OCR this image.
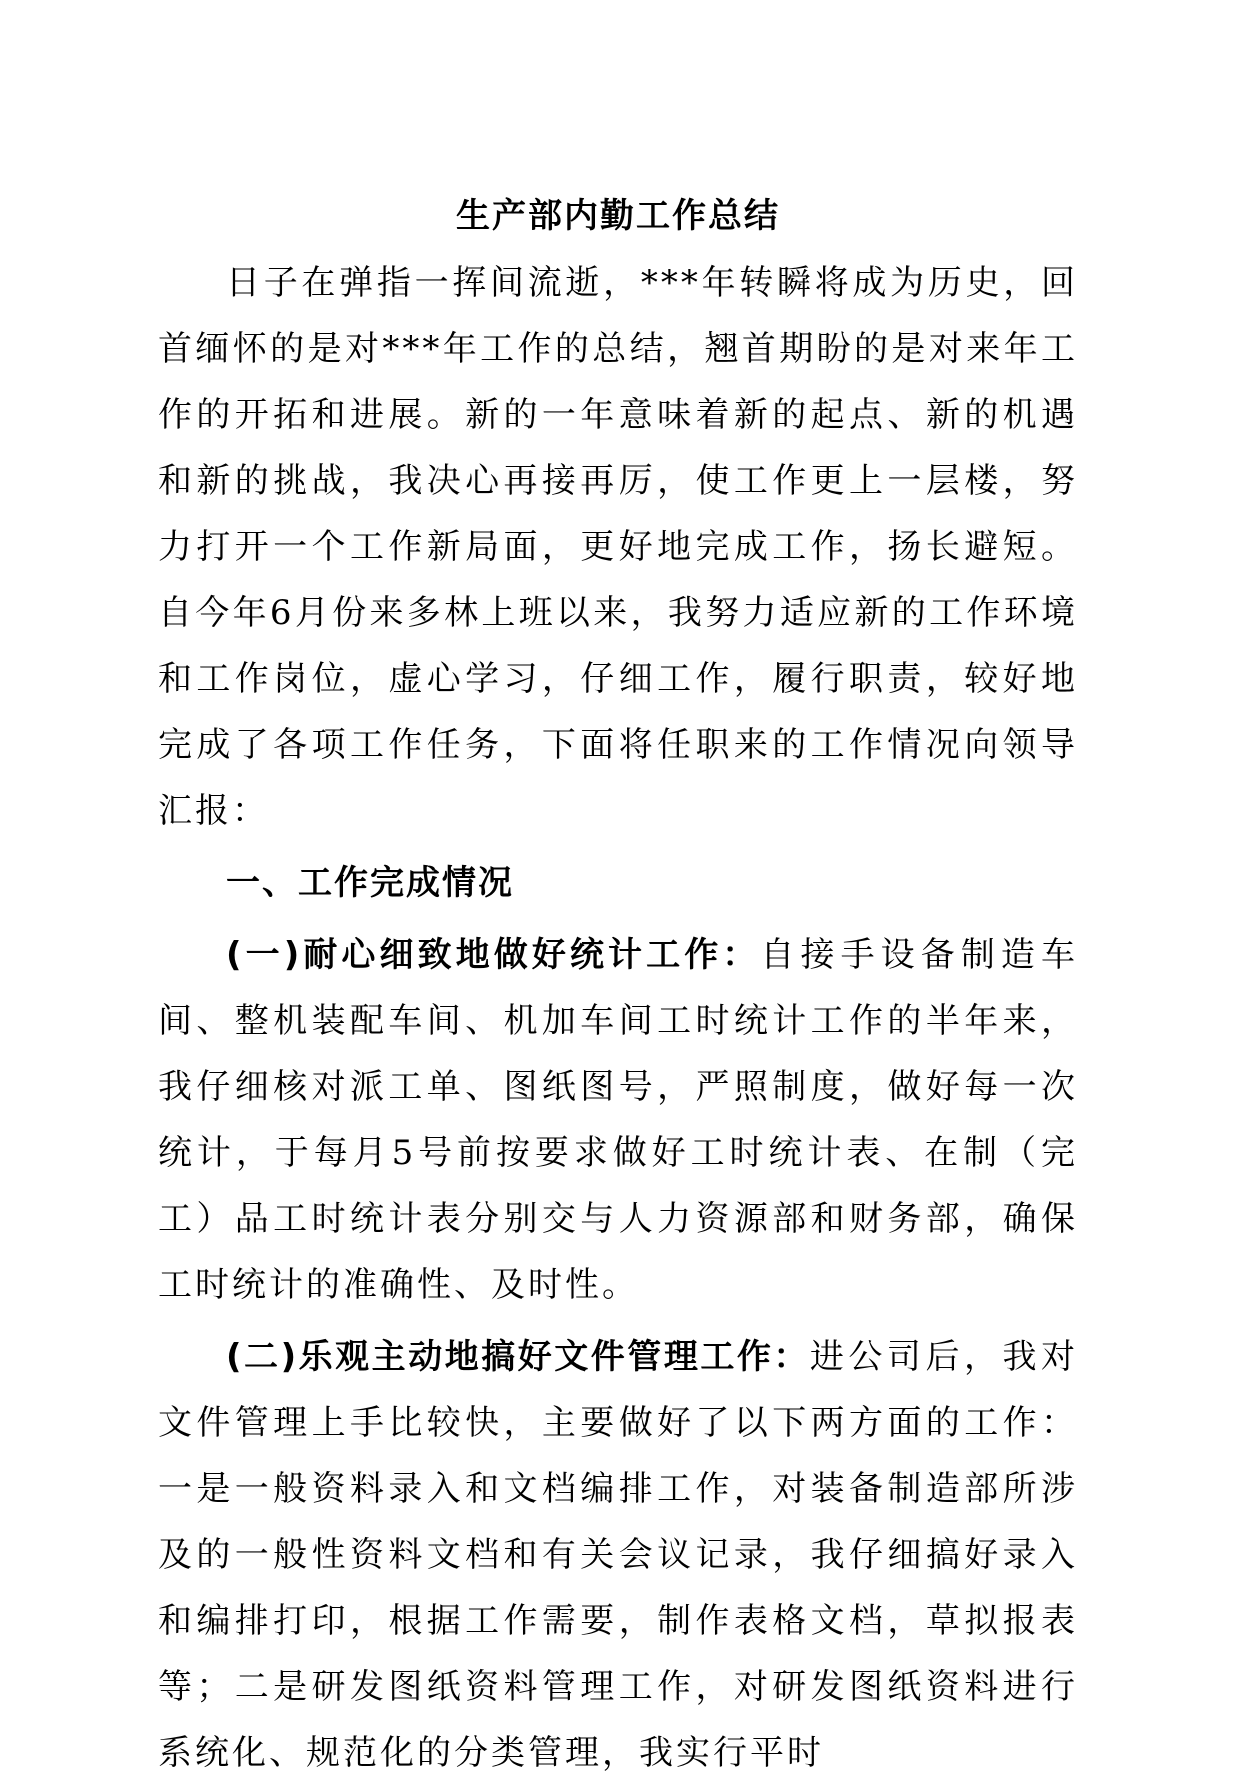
生产部内勤工作总结

日子在弹指一挥间流逝，***年转瞬将成为历史，回首缅怀的是对***年工作的总结，翘首期盼的是对来年工作的开拓和进展。新的一年意味着新的起点、新的机遇和新的挑战，我决心再接再厉，使工作更上一层楼，努力打开一个工作新局面，更好地完成工作，扬长避短。自今年6月份来多林上班以来，我努力适应新的工作环境和工作岗位，虚心学习，仔细工作，履行职责，较好地完成了各项工作任务，下面将任职来的工作情况向领导汇报：

一、工作完成情况

(一)耐心细致地做好统计工作：自接手设备制造车间、整机装配车间、机加车间工时统计工作的半年来，我仔细核对派工单、图纸图号，严照制度，做好每一次统计，于每月5号前按要求做好工时统计表、在制（完工）品工时统计表分别交与人力资源部和财务部，确保工时统计的准确性、及时性。

(二)乐观主动地搞好文件管理工作：进公司后，我对文件管理上手比较快，主要做好了以下两方面的工作：一是一般资料录入和文档编排工作，对装备制造部所涉及的一般性资料文档和有关会议记录，我仔细搞好录入和编排打印，根据工作需要，制作表格文档，草拟报表等；二是研发图纸资料管理工作，对研发图纸资料进行系统化、规范化的分类管理，我实行平时
